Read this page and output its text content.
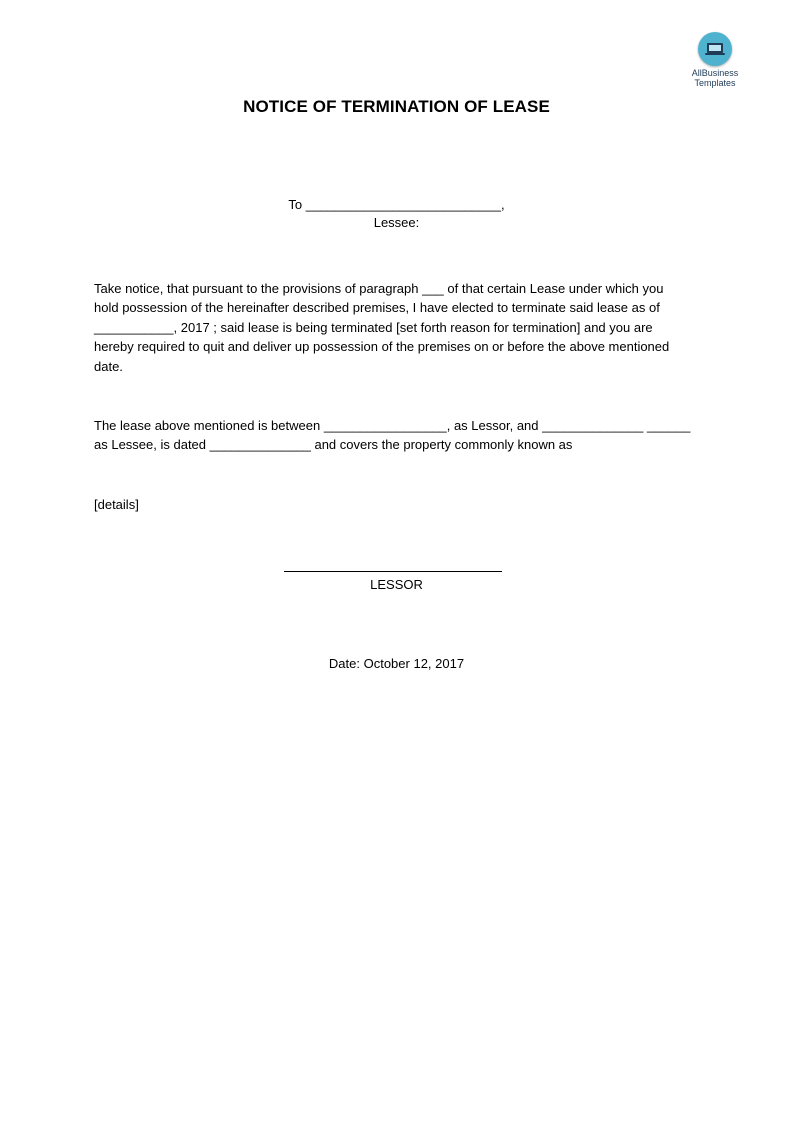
AllBusiness
Templates
NOTICE OF TERMINATION OF LEASE
To ___________________________,
Lessee:

Take notice, that pursuant to the provisions of paragraph ___ of that certain Lease under which you

hold possession of the hereinafter described premises, I have elected to terminate said lease as of

___________, 2017 ; said lease is being terminated [set forth reason for termination] and you are

hereby required to quit and deliver up possession of the premises on or before the above mentioned

date.

The lease above mentioned is between _________________, as Lessor, and ______________ ______

as Lessee, is dated ______________ and covers the property commonly known as

[details]
LESSOR
Date: October 12, 2017
